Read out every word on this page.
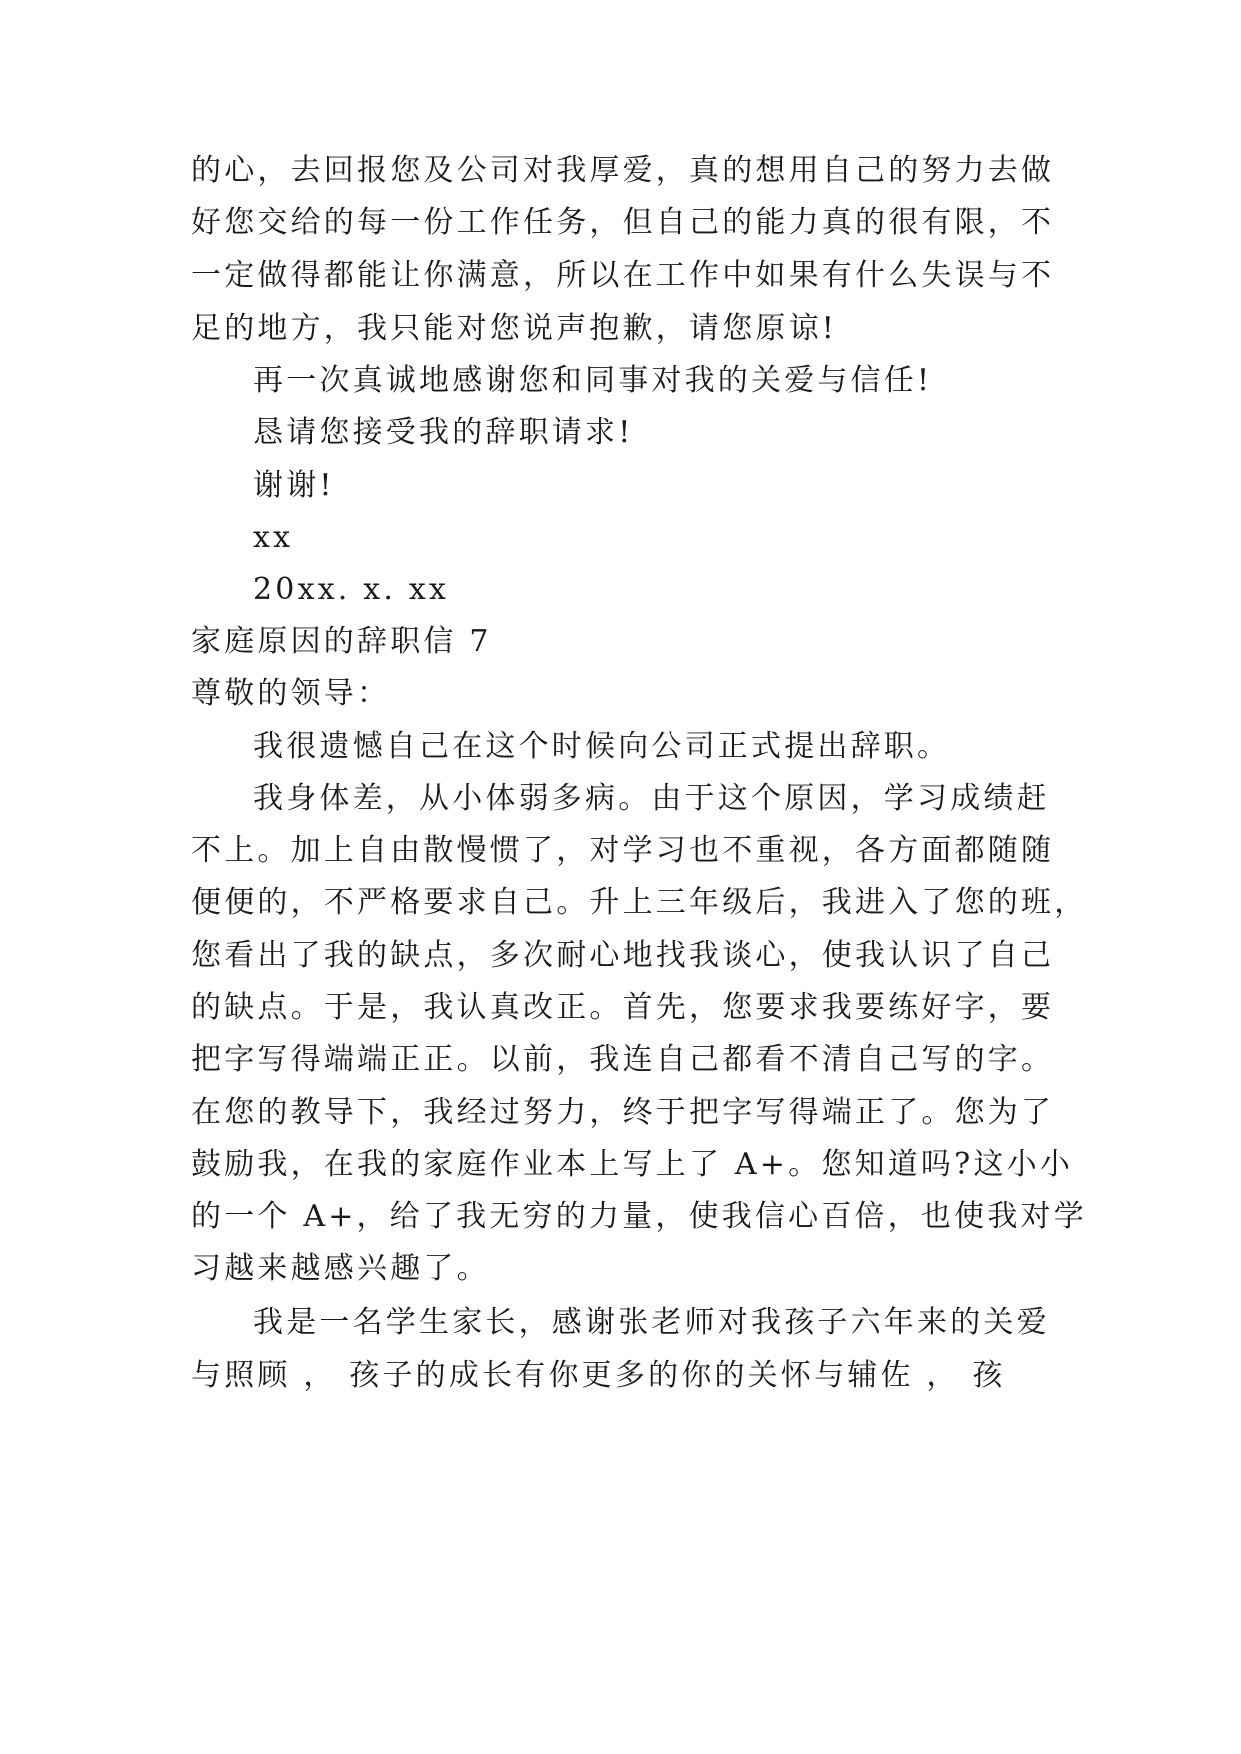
的心，去回报您及公司对我厚爱，真的想用自己的努力去做

好您交给的每一份工作任务，但自己的能力真的很有限，不

一定做得都能让你满意，所以在工作中如果有什么失误与不

足的地方，我只能对您说声抱歉，请您原谅!

再一次真诚地感谢您和同事对我的关爱与信任!

恳请您接受我的辞职请求!

谢谢!

xx

20xx. x. xx

家庭原因的辞职信 7

尊敬的领导：

我很遗憾自己在这个时候向公司正式提出辞职。

我身体差，从小体弱多病。由于这个原因，学习成绩赶

不上。加上自由散慢惯了，对学习也不重视，各方面都随随

便便的，不严格要求自己。升上三年级后，我进入了您的班，

您看出了我的缺点，多次耐心地找我谈心，使我认识了自己

的缺点。于是，我认真改正。首先，您要求我要练好字，要

把字写得端端正正。以前，我连自己都看不清自己写的字。

在您的教导下，我经过努力，终于把字写得端正了。您为了

鼓励我，在我的家庭作业本上写上了 A+。您知道吗?这小小

的一个 A+，给了我无穷的力量，使我信心百倍，也使我对学

习越来越感兴趣了。

我是一名学生家长，感谢张老师对我孩子六年来的关爱

与照顾 ， 孩子的成长有你更多的你的关怀与辅佐 ， 孩
